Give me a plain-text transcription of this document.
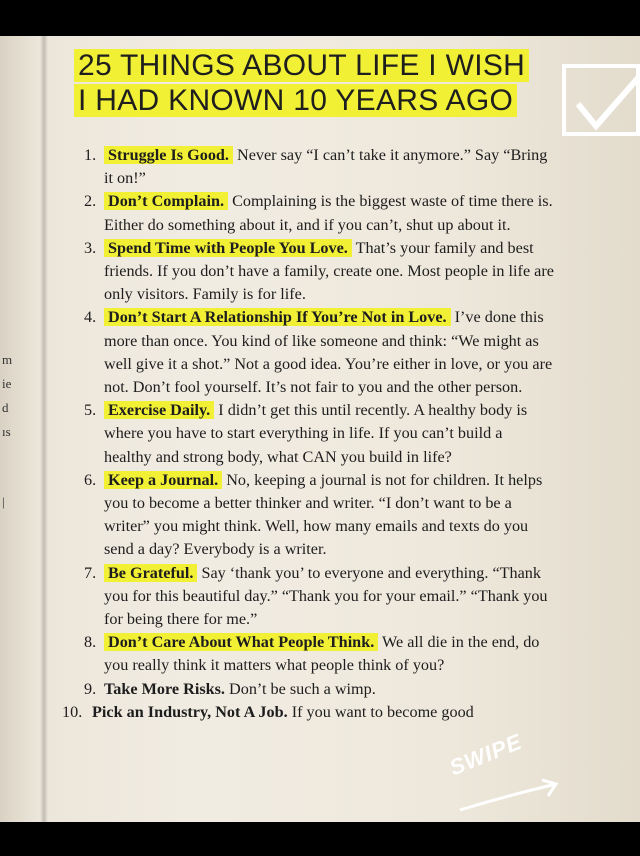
m
ie
d
ıs
|
25 THINGS ABOUT LIFE I WISH
I HAD KNOWN 10 YEARS AGO
1. Struggle Is Good. Never say “I can’t take it anymore.” Say “Bring it on!”
2. Don’t Complain. Complaining is the biggest waste of time there is. Either do something about it, and if you can’t, shut up about it.
3. Spend Time with People You Love. That’s your family and best friends. If you don’t have a family, create one. Most people in life are only visitors. Family is for life.
4. Don’t Start A Relationship If You’re Not in Love. I’ve done this more than once. You kind of like someone and think: “We might as well give it a shot.” Not a good idea. You’re either in love, or you are not. Don’t fool yourself. It’s not fair to you and the other person.
5. Exercise Daily. I didn’t get this until recently. A healthy body is where you have to start everything in life. If you can’t build a healthy and strong body, what CAN you build in life?
6. Keep a Journal. No, keeping a journal is not for children. It helps you to become a better thinker and writer. “I don’t want to be a writer” you might think. Well, how many emails and texts do you send a day? Everybody is a writer.
7. Be Grateful. Say ‘thank you’ to everyone and everything. “Thank you for this beautiful day.” “Thank you for your email.” “Thank you for being there for me.”
8. Don’t Care About What People Think. We all die in the end, do you really think it matters what people think of you?
9. Take More Risks. Don’t be such a wimp.
10. Pick an Industry, Not A Job. If you want to become good
SWIPE
